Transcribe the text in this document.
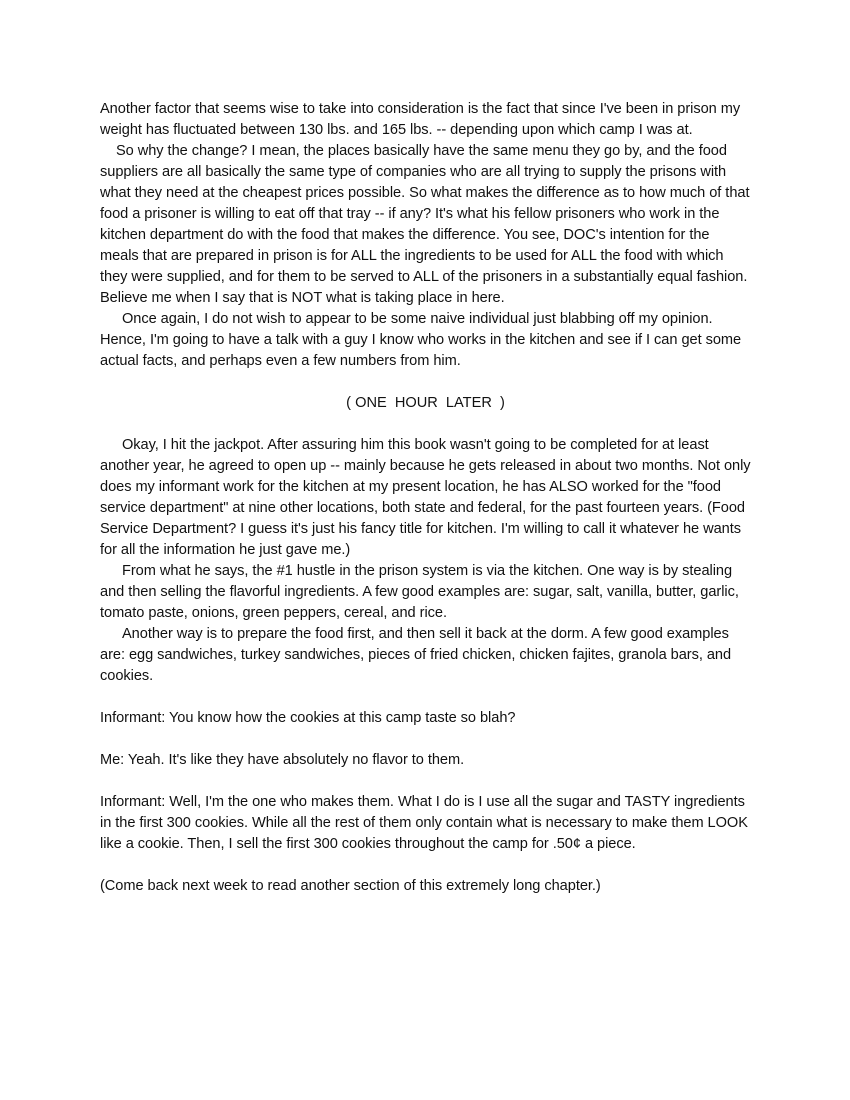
Another factor that seems wise to take into consideration is the fact that since I've been in prison my weight has fluctuated between 130 lbs. and 165 lbs. -- depending upon which camp I was at.

So why the change? I mean, the places basically have the same menu they go by, and the food suppliers are all basically the same type of companies who are all trying to supply the prisons with what they need at the cheapest prices possible. So what makes the difference as to how much of that food a prisoner is willing to eat off that tray -- if any? It's what his fellow prisoners who work in the kitchen department do with the food that makes the difference. You see, DOC's intention for the meals that are prepared in prison is for ALL the ingredients to be used for ALL the food with which they were supplied, and for them to be served to ALL of the prisoners in a substantially equal fashion. Believe me when I say that is NOT what is taking place in here.

Once again, I do not wish to appear to be some naive individual just blabbing off my opinion. Hence, I'm going to have a talk with a guy I know who works in the kitchen and see if I can get some actual facts, and perhaps even a few numbers from him.

( ONE  HOUR  LATER  )

Okay, I hit the jackpot. After assuring him this book wasn't going to be completed for at least another year, he agreed to open up -- mainly because he gets released in about two months. Not only does my informant work for the kitchen at my present location, he has ALSO worked for the "food service department" at nine other locations, both state and federal, for the past fourteen years. (Food Service Department? I guess it's just his fancy title for kitchen. I'm willing to call it whatever he wants for all the information he just gave me.)

From what he says, the #1 hustle in the prison system is via the kitchen. One way is by stealing and then selling the flavorful ingredients. A few good examples are: sugar, salt, vanilla, butter, garlic, tomato paste, onions, green peppers, cereal, and rice.

Another way is to prepare the food first, and then sell it back at the dorm. A few good examples are: egg sandwiches, turkey sandwiches, pieces of fried chicken, chicken fajites, granola bars, and cookies.

Informant: You know how the cookies at this camp taste so blah?

Me: Yeah. It's like they have absolutely no flavor to them.

Informant: Well, I'm the one who makes them. What I do is I use all the sugar and TASTY ingredients in the first 300 cookies. While all the rest of them only contain what is necessary to make them LOOK like a cookie. Then, I sell the first 300 cookies throughout the camp for .50¢ a piece.

(Come back next week to read another section of this extremely long chapter.)
